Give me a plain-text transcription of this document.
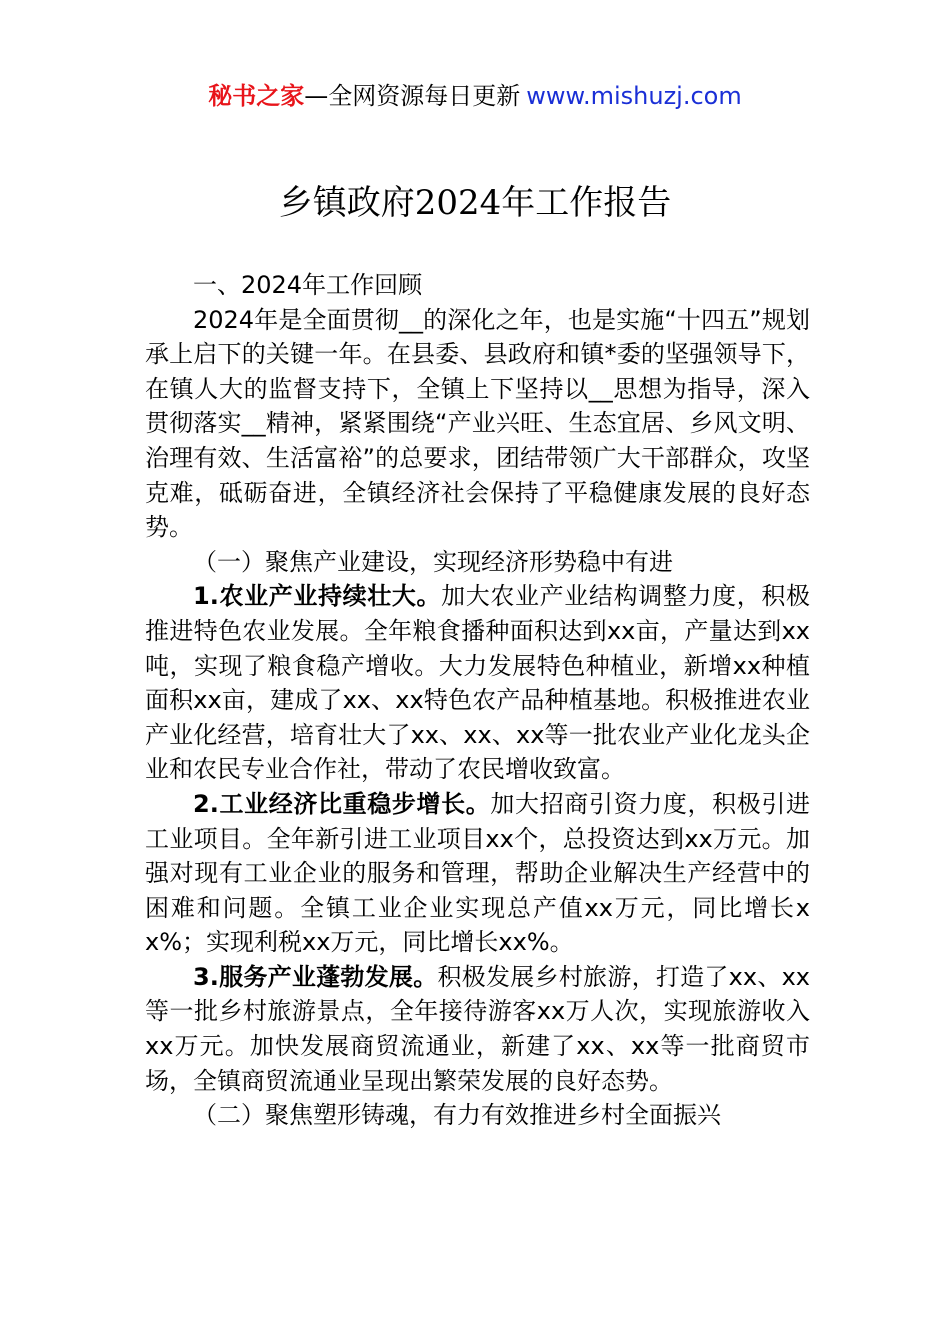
秘书之家—全网资源每日更新 www.mishuzj.com
乡镇政府2024年工作报告

一、2024年工作回顾

2024年是全面贯彻__的深化之年，也是实施“十四五”规划承上启下的关键一年。在县委、县政府和镇*委的坚强领导下，在镇人大的监督支持下，全镇上下坚持以__思想为指导，深入贯彻落实__精神，紧紧围绕“产业兴旺、生态宜居、乡风文明、治理有效、生活富裕”的总要求，团结带领广大干部群众，攻坚克难，砥砺奋进，全镇经济社会保持了平稳健康发展的良好态势。

（一）聚焦产业建设，实现经济形势稳中有进

1.农业产业持续壮大。加大农业产业结构调整力度，积极推进特色农业发展。全年粮食播种面积达到xx亩，产量达到xx吨，实现了粮食稳产增收。大力发展特色种植业，新增xx种植面积xx亩，建成了xx、xx特色农产品种植基地。积极推进农业产业化经营，培育壮大了xx、xx、xx等一批农业产业化龙头企业和农民专业合作社，带动了农民增收致富。

2.工业经济比重稳步增长。加大招商引资力度，积极引进工业项目。全年新引进工业项目xx个，总投资达到xx万元。加强对现有工业企业的服务和管理，帮助企业解决生产经营中的困难和问题。全镇工业企业实现总产值xx万元，同比增长xx%；实现利税xx万元，同比增长xx%。

3.服务产业蓬勃发展。积极发展乡村旅游，打造了xx、xx等一批乡村旅游景点，全年接待游客xx万人次，实现旅游收入xx万元。加快发展商贸流通业，新建了xx、xx等一批商贸市场，全镇商贸流通业呈现出繁荣发展的良好态势。

（二）聚焦塑形铸魂，有力有效推进乡村全面振兴
